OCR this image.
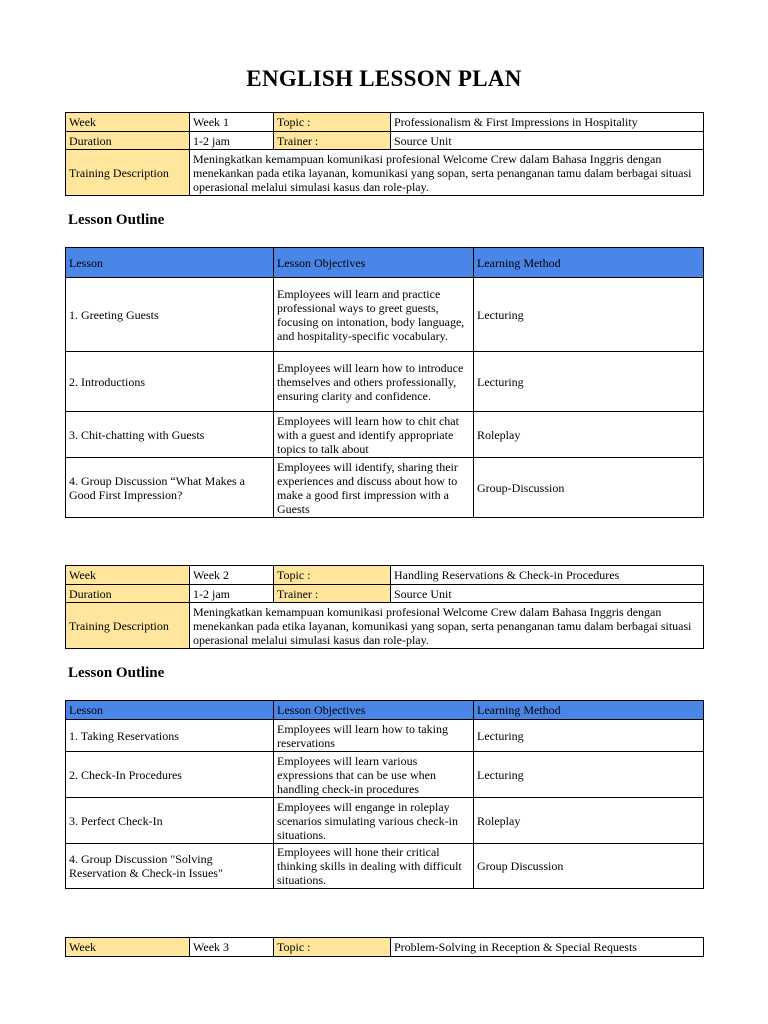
ENGLISH LESSON PLAN
Week	Week 1	Topic :	Professionalism & First Impressions in Hospitality
Duration	1-2 jam	Trainer :	Source Unit
Training Description	Meningkatkan kemampuan komunikasi profesional Welcome Crew dalam Bahasa Inggris dengan menekankan pada etika layanan, komunikasi yang sopan, serta penanganan tamu dalam berbagai situasi operasional melalui simulasi kasus dan role-play.		
Lesson Outline
Lesson	Lesson Objectives	Learning Method
1. Greeting Guests	Employees will learn and practice professional ways to greet guests, focusing on intonation, body language, and hospitality-specific vocabulary.	Lecturing
2. Introductions	Employees will learn how to introduce themselves and others professionally, ensuring clarity and confidence.	Lecturing
3. Chit-chatting with Guests	Employees will learn how to chit chat with a guest and identify appropriate topics to talk about	Roleplay
4. Group Discussion “What Makes a Good First Impression?	Employees will identify, sharing their experiences and discuss about how to make a good first impression with a Guests	Group-Discussion
Week	Week 2	Topic :	Handling Reservations & Check-in Procedures
Duration	1-2 jam	Trainer :	Source Unit
Training Description	Meningkatkan kemampuan komunikasi profesional Welcome Crew dalam Bahasa Inggris dengan menekankan pada etika layanan, komunikasi yang sopan, serta penanganan tamu dalam berbagai situasi operasional melalui simulasi kasus dan role-play.		
Lesson Outline
Lesson	Lesson Objectives	Learning Method
1. Taking Reservations	Employees will learn how to taking reservations	Lecturing
2. Check-In Procedures	Employees will learn various expressions that can be use when handling check-in procedures	Lecturing
3. Perfect Check-In	Employees will engange in roleplay scenarios simulating various check-in situations.	Roleplay
4. Group Discussion "Solving Reservation & Check-in Issues"	Employees will hone their critical thinking skills in dealing with difficult situations.	Group Discussion
Week	Week 3	Topic :	Problem-Solving in Reception & Special Requests
